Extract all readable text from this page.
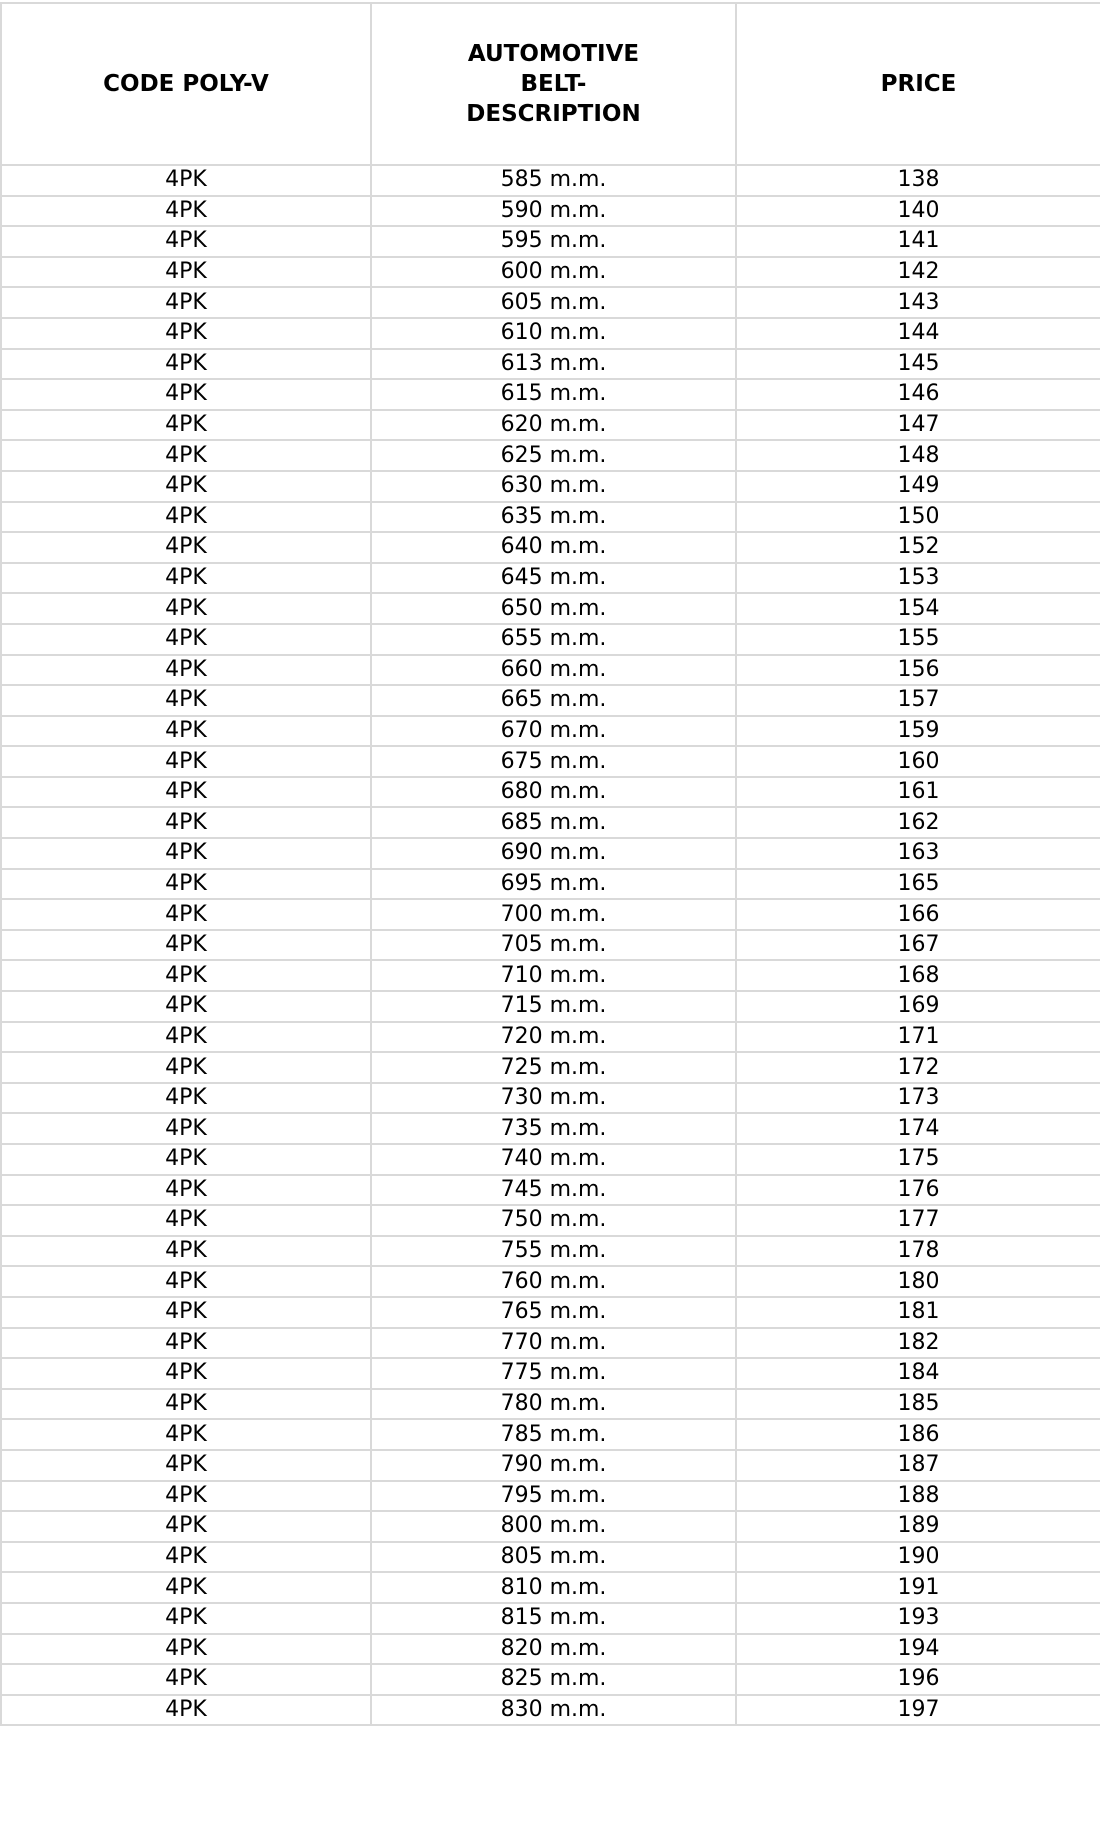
CODE POLY-V	AUTOMOTIVE BELT- DESCRIPTION	PRICE

4PK	585 m.m.	138
4PK	590 m.m.	140
4PK	595 m.m.	141
4PK	600 m.m.	142
4PK	605 m.m.	143
4PK	610 m.m.	144
4PK	613 m.m.	145
4PK	615 m.m.	146
4PK	620 m.m.	147
4PK	625 m.m.	148
4PK	630 m.m.	149
4PK	635 m.m.	150
4PK	640 m.m.	152
4PK	645 m.m.	153
4PK	650 m.m.	154
4PK	655 m.m.	155
4PK	660 m.m.	156
4PK	665 m.m.	157
4PK	670 m.m.	159
4PK	675 m.m.	160
4PK	680 m.m.	161
4PK	685 m.m.	162
4PK	690 m.m.	163
4PK	695 m.m.	165
4PK	700 m.m.	166
4PK	705 m.m.	167
4PK	710 m.m.	168
4PK	715 m.m.	169
4PK	720 m.m.	171
4PK	725 m.m.	172
4PK	730 m.m.	173
4PK	735 m.m.	174
4PK	740 m.m.	175
4PK	745 m.m.	176
4PK	750 m.m.	177
4PK	755 m.m.	178
4PK	760 m.m.	180
4PK	765 m.m.	181
4PK	770 m.m.	182
4PK	775 m.m.	184
4PK	780 m.m.	185
4PK	785 m.m.	186
4PK	790 m.m.	187
4PK	795 m.m.	188
4PK	800 m.m.	189
4PK	805 m.m.	190
4PK	810 m.m.	191
4PK	815 m.m.	193
4PK	820 m.m.	194
4PK	825 m.m.	196
4PK	830 m.m.	197
